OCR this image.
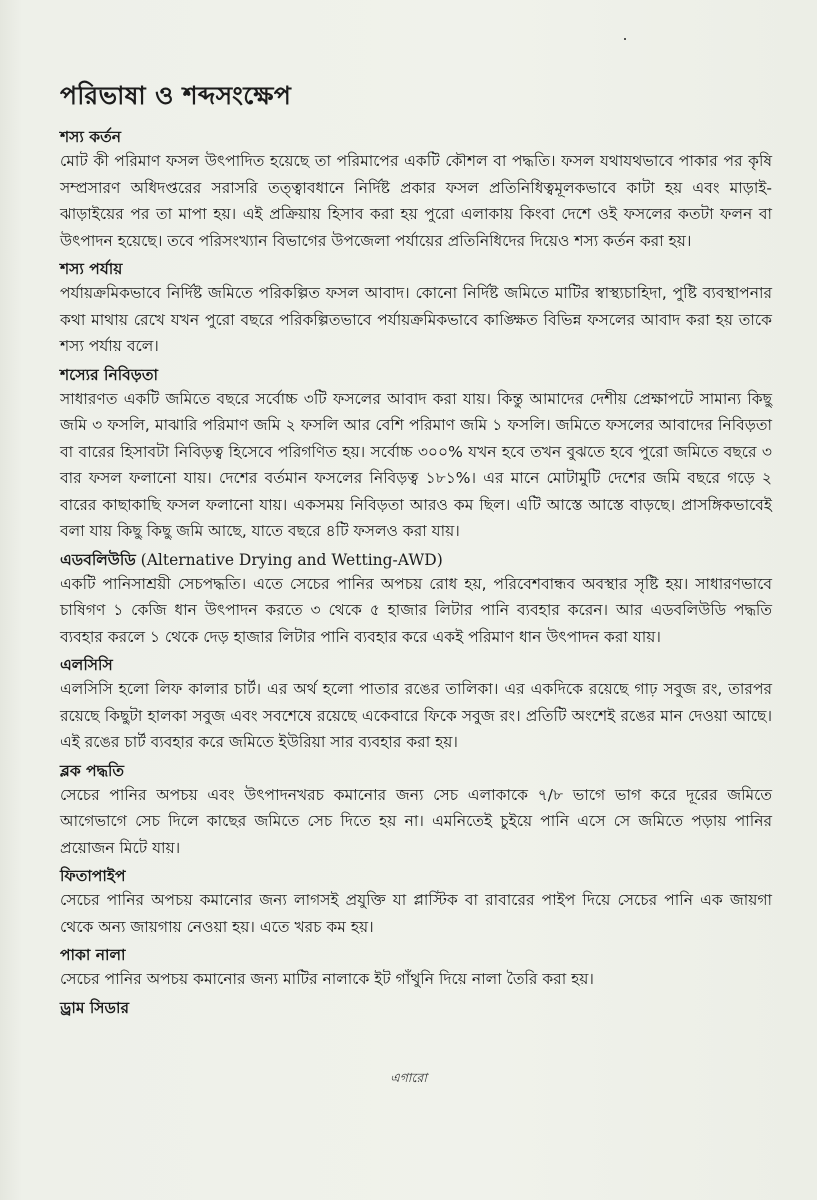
পরিভাষা ও শব্দসংক্ষেপ
শস্য কর্তন

মোট কী পরিমাণ ফসল উৎপাদিত হয়েছে তা পরিমাপের একটি কৌশল বা পদ্ধতি। ফসল যথাযথভাবে পাকার পর কৃষি সম্প্রসারণ অধিদপ্তরের সরাসরি তত্ত্বাবধানে নির্দিষ্ট প্রকার ফসল প্রতিনিধিত্বমূলকভাবে কাটা হয় এবং মাড়াই-ঝাড়াইয়ের পর তা মাপা হয়। এই প্রক্রিয়ায় হিসাব করা হয় পুরো এলাকায় কিংবা দেশে ওই ফসলের কতটা ফলন বা উৎপাদন হয়েছে। তবে পরিসংখ্যান বিভাগের উপজেলা পর্যায়ের প্রতিনিধিদের দিয়েও শস্য কর্তন করা হয়।

শস্য পর্যায়

পর্যায়ক্রমিকভাবে নির্দিষ্ট জমিতে পরিকল্পিত ফসল আবাদ। কোনো নির্দিষ্ট জমিতে মাটির স্বাস্থ্যচাহিদা, পুষ্টি ব্যবস্থাপনার কথা মাথায় রেখে যখন পুরো বছরে পরিকল্পিতভাবে পর্যায়ক্রমিকভাবে কাঙ্ক্ষিত বিভিন্ন ফসলের আবাদ করা হয় তাকে শস্য পর্যায় বলে।

শস্যের নিবিড়তা

সাধারণত একটি জমিতে বছরে সর্বোচ্চ ৩টি ফসলের আবাদ করা যায়। কিন্তু আমাদের দেশীয় প্রেক্ষাপটে সামান্য কিছু জমি ৩ ফসলি, মাঝারি পরিমাণ জমি ২ ফসলি আর বেশি পরিমাণ জমি ১ ফসলি। জমিতে ফসলের আবাদের নিবিড়তা বা বারের হিসাবটা নিবিড়ত্ব হিসেবে পরিগণিত হয়। সর্বোচ্চ ৩০০% যখন হবে তখন বুঝতে হবে পুরো জমিতে বছরে ৩ বার ফসল ফলানো যায়। দেশের বর্তমান ফসলের নিবিড়ত্ব ১৮১%। এর মানে মোটামুটি দেশের জমি বছরে গড়ে ২ বারের কাছাকাছি ফসল ফলানো যায়। একসময় নিবিড়তা আরও কম ছিল। এটি আস্তে আস্তে বাড়ছে। প্রাসঙ্গিকভাবেই বলা যায় কিছু কিছু জমি আছে, যাতে বছরে ৪টি ফসলও করা যায়।

এডবলিউডি (Alternative Drying and Wetting-AWD)

একটি পানিসাশ্রয়ী সেচপদ্ধতি। এতে সেচের পানির অপচয় রোধ হয়, পরিবেশবান্ধব অবস্থার সৃষ্টি হয়। সাধারণভাবে চাষিগণ ১ কেজি ধান উৎপাদন করতে ৩ থেকে ৫ হাজার লিটার পানি ব্যবহার করেন। আর এডবলিউডি পদ্ধতি ব্যবহার করলে ১ থেকে দেড় হাজার লিটার পানি ব্যবহার করে একই পরিমাণ ধান উৎপাদন করা যায়।

এলসিসি

এলসিসি হলো লিফ কালার চার্ট। এর অর্থ হলো পাতার রঙের তালিকা। এর একদিকে রয়েছে গাঢ় সবুজ রং, তারপর রয়েছে কিছুটা হালকা সবুজ এবং সবশেষে রয়েছে একেবারে ফিকে সবুজ রং। প্রতিটি অংশেই রঙের মান দেওয়া আছে। এই রঙের চার্ট ব্যবহার করে জমিতে ইউরিয়া সার ব্যবহার করা হয়।

ব্লক পদ্ধতি

সেচের পানির অপচয় এবং উৎপাদনখরচ কমানোর জন্য সেচ এলাকাকে ৭/৮ ভাগে ভাগ করে দূরের জমিতে আগেভাগে সেচ দিলে কাছের জমিতে সেচ দিতে হয় না। এমনিতেই চুইয়ে পানি এসে সে জমিতে পড়ায় পানির প্রয়োজন মিটে যায়।

ফিতাপাইপ

সেচের পানির অপচয় কমানোর জন্য লাগসই প্রযুক্তি যা প্লাস্টিক বা রাবারের পাইপ দিয়ে সেচের পানি এক জায়গা থেকে অন্য জায়গায় নেওয়া হয়। এতে খরচ কম হয়।

পাকা নালা

সেচের পানির অপচয় কমানোর জন্য মাটির নালাকে ইট গাঁথুনি দিয়ে নালা তৈরি করা হয়।

ড্রাম সিডার
এগারো
